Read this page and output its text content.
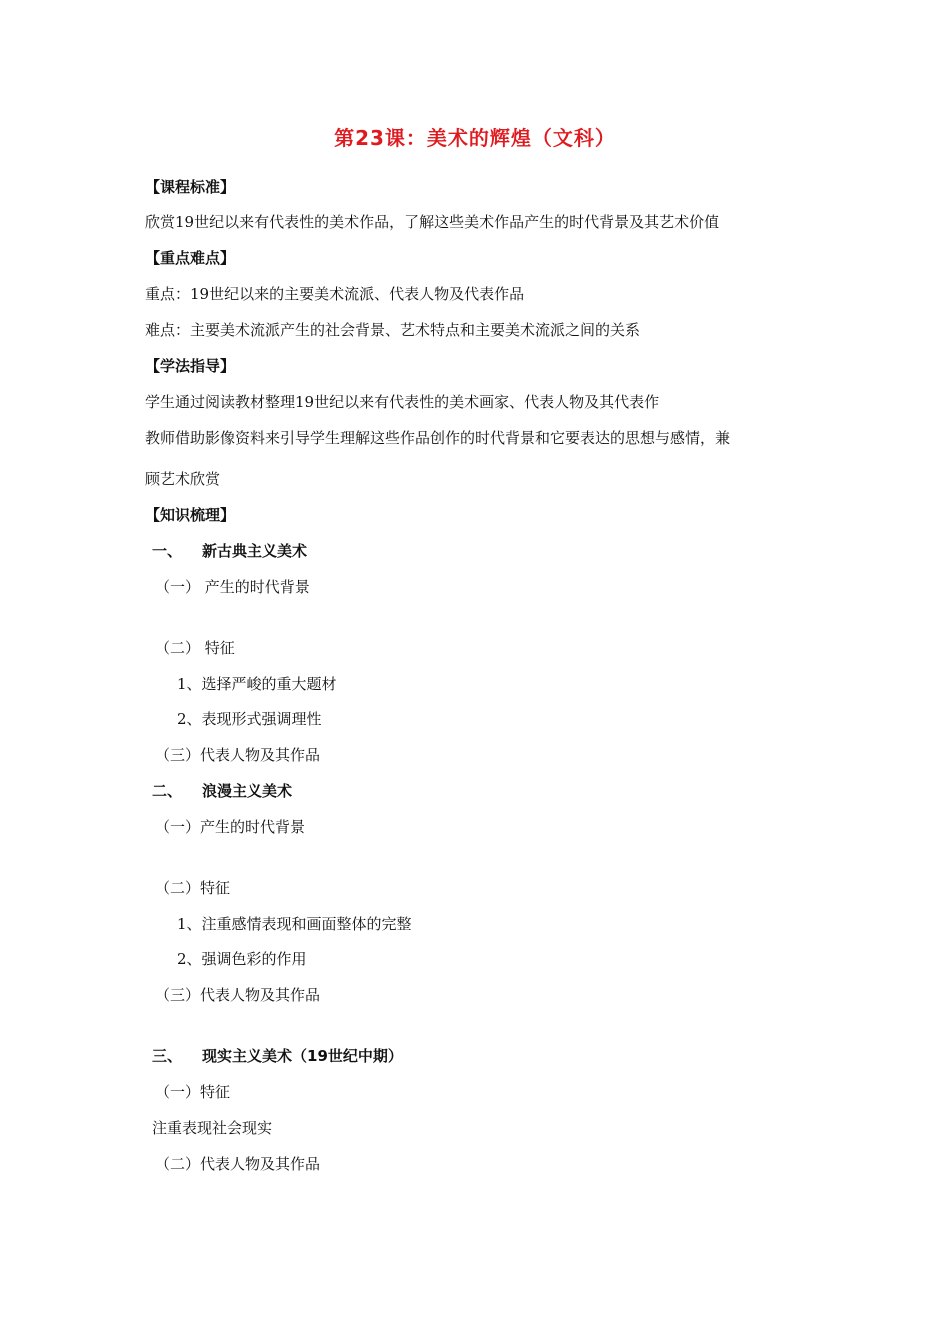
第23课：美术的辉煌（文科）
【课程标准】
欣赏19世纪以来有代表性的美术作品，了解这些美术作品产生的时代背景及其艺术价值
【重点难点】
重点：19世纪以来的主要美术流派、代表人物及代表作品
难点：主要美术流派产生的社会背景、艺术特点和主要美术流派之间的关系
【学法指导】
学生通过阅读教材整理19世纪以来有代表性的美术画家、代表人物及其代表作
教师借助影像资料来引导学生理解这些作品创作的时代背景和它要表达的思想与感情，兼
顾艺术欣赏
【知识梳理】
一、 新古典主义美术
（一） 产生的时代背景
（二） 特征
1、选择严峻的重大题材
2、表现形式强调理性
（三）代表人物及其作品
二、 浪漫主义美术
（一）产生的时代背景
（二）特征
1、注重感情表现和画面整体的完整
2、强调色彩的作用
（三）代表人物及其作品
三、 现实主义美术（19世纪中期）
（一）特征
注重表现社会现实
（二）代表人物及其作品
